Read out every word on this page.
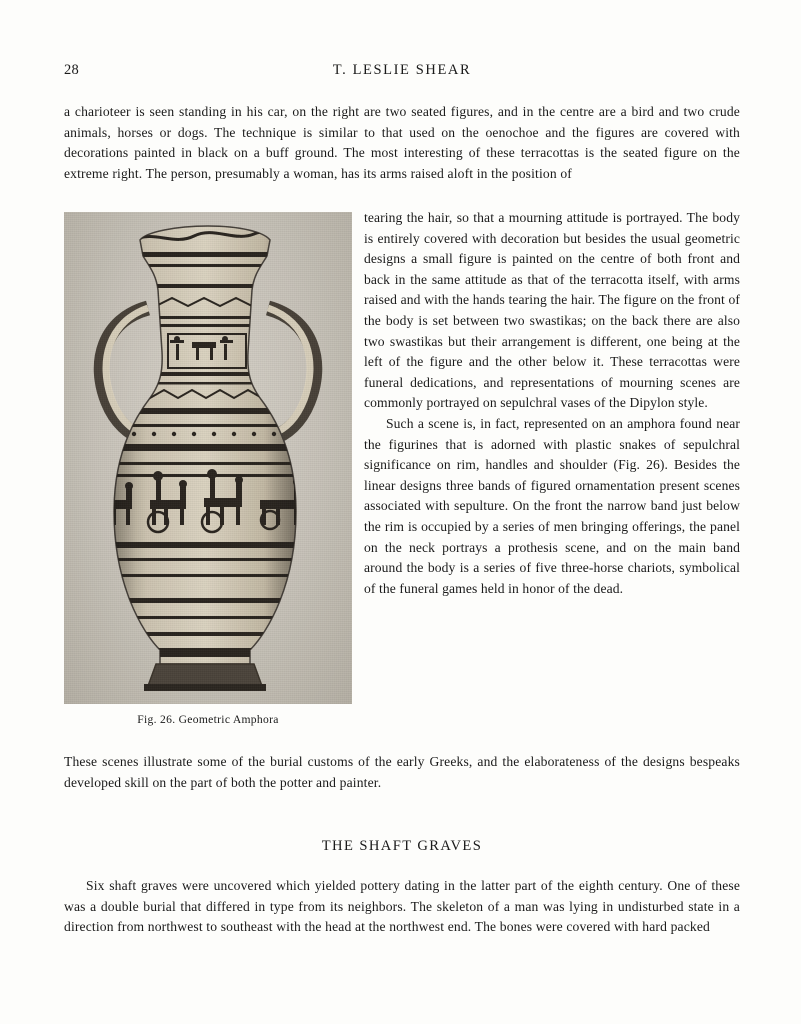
28	T. LESLIE SHEAR

a charioteer is seen standing in his car, on the right are two seated figures, and in the centre are a bird and two crude animals, horses or dogs. The technique is similar to that used on the oenochoe and the figures are covered with decorations painted in black on a buff ground. The most interesting of these terracottas is the seated figure on the extreme right. The person, presumably a woman, has its arms raised aloft in the position of

Fig. 26. Geometric Amphora

tearing the hair, so that a mourning attitude is portrayed. The body is entirely covered with decoration but besides the usual geometric designs a small figure is painted on the centre of both front and back in the same attitude as that of the terracotta itself, with arms raised and with the hands tearing the hair. The figure on the front of the body is set between two swastikas; on the back there are also two swastikas but their arrangement is different, one being at the left of the figure and the other below it. These terracottas were funeral dedications, and representations of mourning scenes are commonly portrayed on sepulchral vases of the Dipylon style.

Such a scene is, in fact, represented on an amphora found near the figurines that is adorned with plastic snakes of sepulchral significance on rim, handles and shoulder (Fig. 26). Besides the linear designs three bands of figured ornamentation present scenes associated with sepulture. On the front the narrow band just below the rim is occupied by a series of men bringing offerings, the panel on the neck portrays a prothesis scene, and on the main band around the body is a series of five three-horse chariots, symbolical of the funeral games held in honor of the dead.

These scenes illustrate some of the burial customs of the early Greeks, and the elaborateness of the designs bespeaks developed skill on the part of both the potter and painter.

THE SHAFT GRAVES

Six shaft graves were uncovered which yielded pottery dating in the latter part of the eighth century. One of these was a double burial that differed in type from its neighbors. The skeleton of a man was lying in undisturbed state in a direction from northwest to southeast with the head at the northwest end. The bones were covered with hard packed
